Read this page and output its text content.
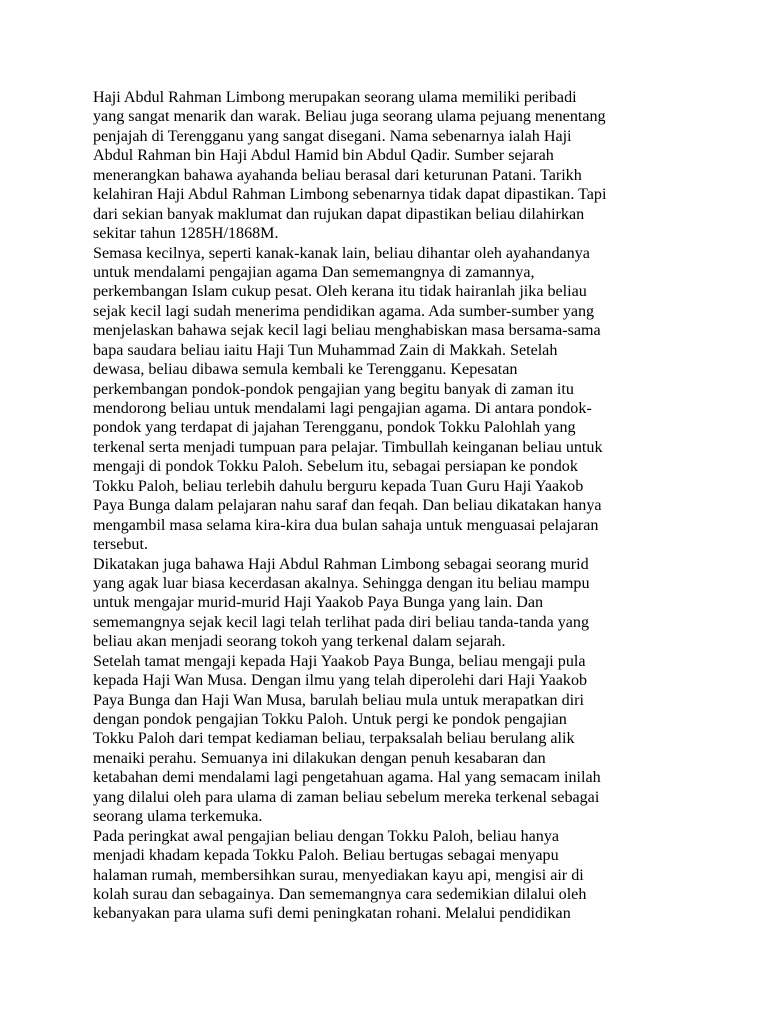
Haji Abdul Rahman Limbong merupakan seorang ulama memiliki peribadi
yang sangat menarik dan warak. Beliau juga seorang ulama pejuang menentang
penjajah di Terengganu yang sangat disegani. Nama sebenarnya ialah Haji
Abdul Rahman bin Haji Abdul Hamid bin Abdul Qadir. Sumber sejarah
menerangkan bahawa ayahanda beliau berasal dari keturunan Patani. Tarikh
kelahiran Haji Abdul Rahman Limbong sebenarnya tidak dapat dipastikan. Tapi
dari sekian banyak maklumat dan rujukan dapat dipastikan beliau dilahirkan
sekitar tahun 1285H/1868M.
Semasa kecilnya, seperti kanak-kanak lain, beliau dihantar oleh ayahandanya
untuk mendalami pengajian agama Dan sememangnya di zamannya,
perkembangan Islam cukup pesat. Oleh kerana itu tidak hairanlah jika beliau
sejak kecil lagi sudah menerima pendidikan agama. Ada sumber-sumber yang
menjelaskan bahawa sejak kecil lagi beliau menghabiskan masa bersama-sama
bapa saudara beliau iaitu Haji Tun Muhammad Zain di Makkah. Setelah
dewasa, beliau dibawa semula kembali ke Terengganu. Kepesatan
perkembangan pondok-pondok pengajian yang begitu banyak di zaman itu
mendorong beliau untuk mendalami lagi pengajian agama. Di antara pondok-
pondok yang terdapat di jajahan Terengganu, pondok Tokku Palohlah yang
terkenal serta menjadi tumpuan para pelajar. Timbullah keinganan beliau untuk
mengaji di pondok Tokku Paloh. Sebelum itu, sebagai persiapan ke pondok
Tokku Paloh, beliau terlebih dahulu berguru kepada Tuan Guru Haji Yaakob
Paya Bunga dalam pelajaran nahu saraf dan feqah. Dan beliau dikatakan hanya
mengambil masa selama kira-kira dua bulan sahaja untuk menguasai pelajaran
tersebut.
Dikatakan juga bahawa Haji Abdul Rahman Limbong sebagai seorang murid
yang agak luar biasa kecerdasan akalnya. Sehingga dengan itu beliau mampu
untuk mengajar murid-murid Haji Yaakob Paya Bunga yang lain. Dan
sememangnya sejak kecil lagi telah terlihat pada diri beliau tanda-tanda yang
beliau akan menjadi seorang tokoh yang terkenal dalam sejarah.
Setelah tamat mengaji kepada Haji Yaakob Paya Bunga, beliau mengaji pula
kepada Haji Wan Musa. Dengan ilmu yang telah diperolehi dari Haji Yaakob
Paya Bunga dan Haji Wan Musa, barulah beliau mula untuk merapatkan diri
dengan pondok pengajian Tokku Paloh. Untuk pergi ke pondok pengajian
Tokku Paloh dari tempat kediaman beliau, terpaksalah beliau berulang alik
menaiki perahu. Semuanya ini dilakukan dengan penuh kesabaran dan
ketabahan demi mendalami lagi pengetahuan agama. Hal yang semacam inilah
yang dilalui oleh para ulama di zaman beliau sebelum mereka terkenal sebagai
seorang ulama terkemuka.
Pada peringkat awal pengajian beliau dengan Tokku Paloh, beliau hanya
menjadi khadam kepada Tokku Paloh. Beliau bertugas sebagai menyapu
halaman rumah, membersihkan surau, menyediakan kayu api, mengisi air di
kolah surau dan sebagainya. Dan sememangnya cara sedemikian dilalui oleh
kebanyakan para ulama sufi demi peningkatan rohani. Melalui pendidikan
